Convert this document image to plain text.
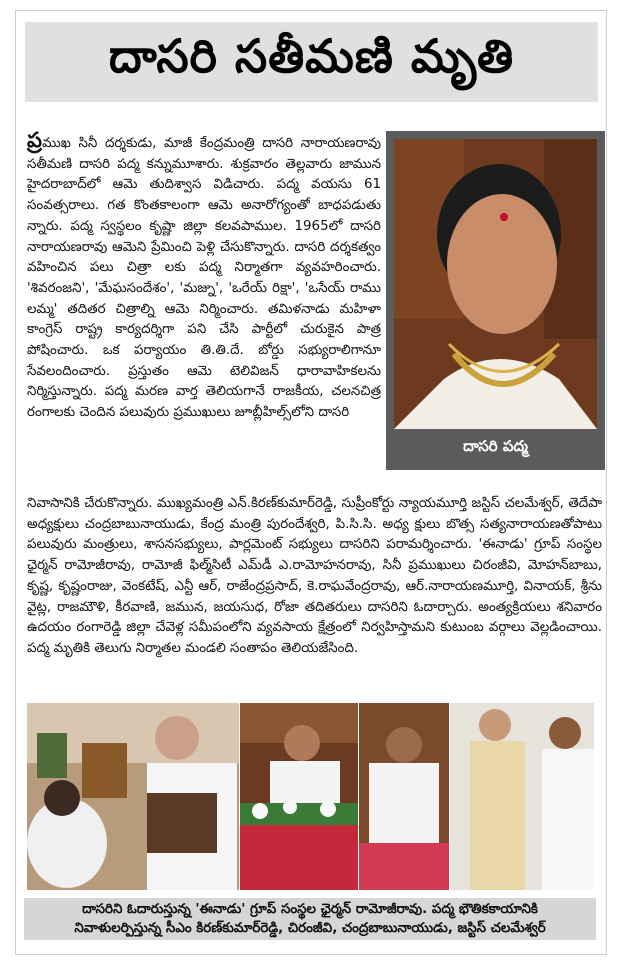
దాసరి సతీమణి మృతి
దాసరి పద్మ

ప్రముఖ సినీ దర్శకుడు, మాజీ కేంద్రమంత్రి దాసరి నారాయణరావు సతీమణి దాసరి పద్మ కన్నుమూశారు. శుక్రవారం తెల్లవారు జామున హైదరాబాద్‌లో ఆమె తుదిశ్వాస విడిచారు. పద్మ వయసు 61 సంవత్సరాలు. గత కొంతకాలంగా ఆమె అనారోగ్యంతో బాధపడుతు న్నారు. పద్మ స్వస్థలం కృష్ణా జిల్లా కలవపాముల. 1965లో దాసరి నారాయణరావు ఆమెని ప్రేమించి పెళ్లి చేసుకొన్నారు. దాసరి దర్శకత్వం వహించిన పలు చిత్రా లకు పద్మ నిర్మాతగా వ్యవహరించారు. 'శివరంజని', 'మేఘసందేశం', 'మజ్ను', 'ఒరేయ్ రిక్షా', 'ఒసేయ్ రాము లమ్మ' తదితర చిత్రాల్ని ఆమె నిర్మించారు. తమిళనాడు మహిళా కాంగ్రెస్ రాష్ట్ర కార్యదర్శిగా పని చేసి పార్టీలో చురుకైన పాత్ర పోషించారు. ఒక పర్యాయం తి.తి.దే. బోర్డు సభ్యురాలిగానూ సేవలందించారు. ప్రస్తుతం ఆమె టెలివిజన్ ధారావాహికలను నిర్మిస్తున్నారు. పద్మ మరణ వార్త తెలియగానే రాజకీయ, చలనచిత్ర రంగాలకు చెందిన పలువురు ప్రముఖులు జూబ్లీహిల్స్‌లోని దాసరి

నివాసానికి చేరుకొన్నారు. ముఖ్యమంత్రి ఎన్.కిరణ్‌కుమార్‌రెడ్డి, సుప్రీంకోర్టు న్యాయమూర్తి జస్టిస్ చలమేశ్వర్, తెదేపా అధ్యక్షులు చంద్రబాబునాయుడు, కేంద్ర మంత్రి పురందేశ్వరి, పి.సి.సి. అధ్య క్షులు బొత్స సత్యనారాయణతోపాటు పలువురు మంత్రులు, శాసనసభ్యులు, పార్లమెంట్ సభ్యులు దాసరిని పరామర్శించారు. 'ఈనాడు' గ్రూప్ సంస్థల ఛైర్మన్ రామోజీరావు, రామోజీ ఫిల్మ్‌సిటీ ఎమ్‌డీ ఎ.రామోహనరావు, సినీ ప్రముఖులు చిరంజీవి, మోహన్‌బాబు, కృష్ణ, కృష్ణంరాజు, వెంకటేష్, ఎన్టీ ఆర్, రాజేంద్రప్రసాద్, కె.రాఘవేంద్రరావు, ఆర్.నారాయణమూర్తి, వినాయక్, శ్రీను వైట్ల, రాజమౌళి, కీరవాణి, జమున, జయసుధ, రోజా తదితరులు దాసరిని ఓదార్చారు. అంత్యక్రియలు శనివారం ఉదయం రంగారెడ్డి జిల్లా చేవెళ్ల సమీపంలోని వ్యవసాయ క్షేత్రంలో నిర్వహిస్తామని కుటుంబ వర్గాలు వెల్లడించాయి. పద్మ మృతికి తెలుగు నిర్మాతల మండలి సంతాపం తెలియజేసింది.
దాసరిని ఓదారుస్తున్న 'ఈనాడు' గ్రూప్ సంస్థల ఛైర్మన్ రామోజీరావు. పద్మ భౌతికకాయానికి
నివాళులర్పిస్తున్న సీఎం కిరణ్‌కుమార్‌రెడ్డి, చిరంజీవి, చంద్రబాబునాయుడు, జస్టిస్ చలమేశ్వర్
